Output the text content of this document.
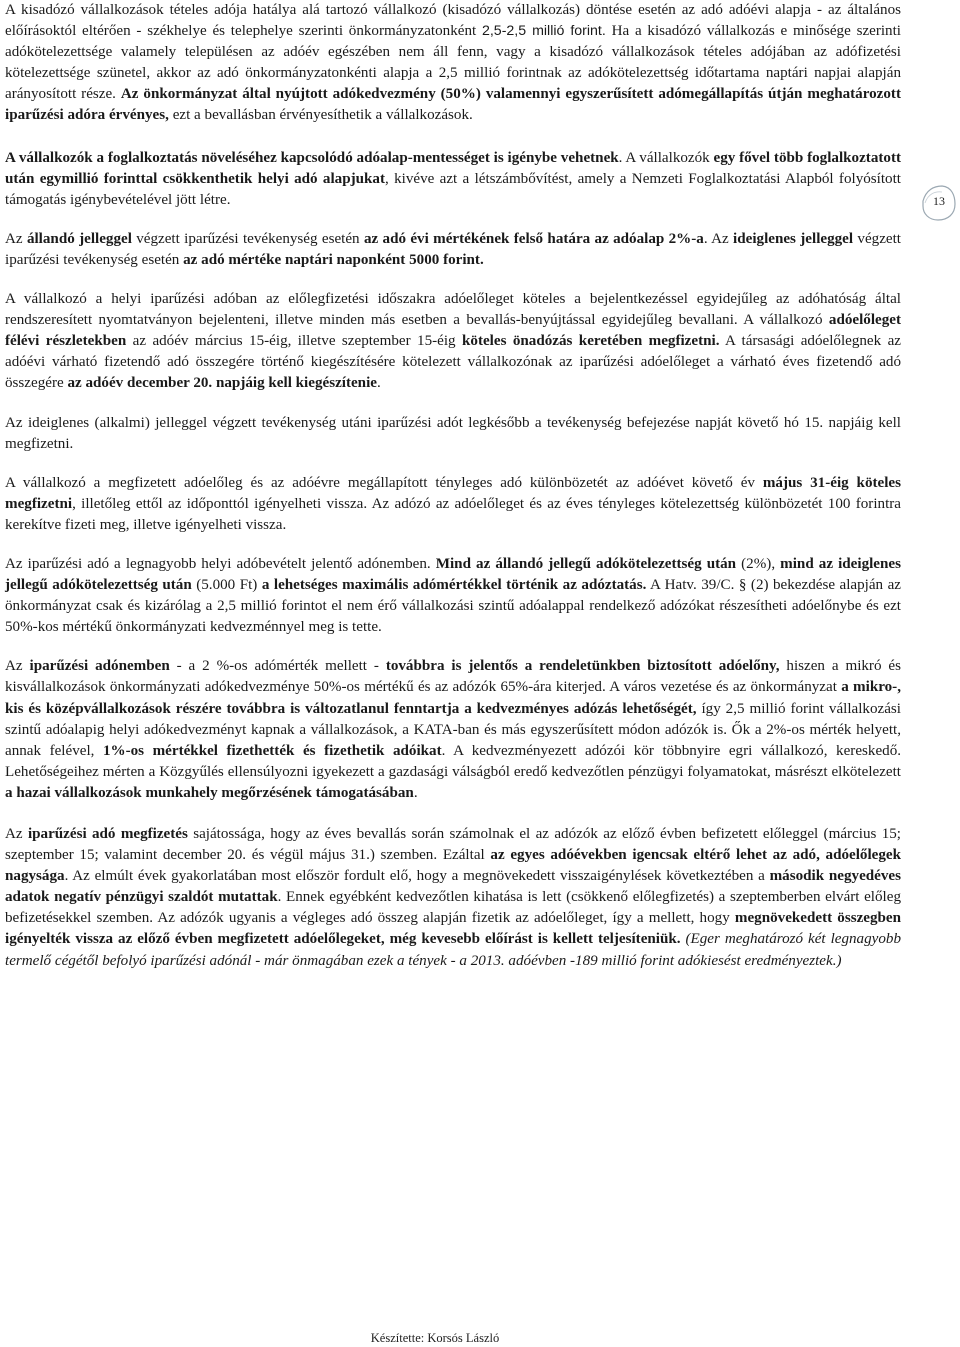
A kisadózó vállalkozások tételes adója hatálya alá tartozó vállalkozó (kisadózó vállalkozás) döntése esetén az adó adóévi alapja - az általános előírásoktól eltérően - székhelye és telephelye szerinti önkormányzatonként 2,5-2,5 millió forint. Ha a kisadózó vállalkozás e minősége szerinti adókötelezettsége valamely településen az adóév egészében nem áll fenn, vagy a kisadózó vállalkozások tételes adójában az adófizetési kötelezettsége szünetel, akkor az adó önkormányzatonkénti alapja a 2,5 millió forintnak az adókötelezettség időtartama naptári napjai alapján arányosított része. Az önkormányzat által nyújtott adókedvezmény (50%) valamennyi egyszerűsített adómegállapítás útján meghatározott iparűzési adóra érvényes, ezt a bevallásban érvényesíthetik a vállalkozások.

A vállalkozók a foglalkoztatás növeléséhez kapcsolódó adóalap-mentességet is igénybe vehetnek. A vállalkozók egy fővel több foglalkoztatott után egymillió forinttal csökkenthetik helyi adó alapjukat, kivéve azt a létszámbővítést, amely a Nemzeti Foglalkoztatási Alapból folyósított támogatás igénybevételével jött létre.

Az állandó jelleggel végzett iparűzési tevékenység esetén az adó évi mértékének felső határa az adóalap 2%-a. Az ideiglenes jelleggel végzett iparűzési tevékenység esetén az adó mértéke naptári naponként 5000 forint.

A vállalkozó a helyi iparűzési adóban az előlegfizetési időszakra adóelőleget köteles a bejelentkezéssel egyidejűleg az adóhatóság által rendszeresített nyomtatványon bejelenteni, illetve minden más esetben a bevallás-benyújtással egyidejűleg bevallani. A vállalkozó adóelőleget félévi részletekben az adóév március 15-éig, illetve szeptember 15-éig köteles önadózás keretében megfizetni. A társasági adóelőlegnek az adóévi várható fizetendő adó összegére történő kiegészítésére kötelezett vállalkozónak az iparűzési adóelőleget a várható éves fizetendő adó összegére az adóév december 20. napjáig kell kiegészítenie.

Az ideiglenes (alkalmi) jelleggel végzett tevékenység utáni iparűzési adót legkésőbb a tevékenység befejezése napját követő hó 15. napjáig kell megfizetni.

A vállalkozó a megfizetett adóelőleg és az adóévre megállapított tényleges adó különbözetét az adóévet követő év május 31-éig köteles megfizetni, illetőleg ettől az időponttól igényelheti vissza. Az adózó az adóelőleget és az éves tényleges kötelezettség különbözetét 100 forintra kerekítve fizeti meg, illetve igényelheti vissza.

Az iparűzési adó a legnagyobb helyi adóbevételt jelentő adónemben. Mind az állandó jellegű adókötelezettség után (2%), mind az ideiglenes jellegű adókötelezettség után (5.000 Ft) a lehetséges maximális adómértékkel történik az adóztatás. A Hatv. 39/C. § (2) bekezdése alapján az önkormányzat csak és kizárólag a 2,5 millió forintot el nem érő vállalkozási szintű adóalappal rendelkező adózókat részesítheti adóelőnybe és ezt 50%-kos mértékű önkormányzati kedvezménnyel meg is tette.

Az iparűzési adónemben - a 2 %-os adómérték mellett - továbbra is jelentős a rendeletünkben biztosított adóelőny, hiszen a mikró és kisvállalkozások önkormányzati adókedvezménye 50%-os mértékű és az adózók 65%-ára kiterjed. A város vezetése és az önkormányzat a mikro-, kis és középvállalkozások részére továbbra is változatlanul fenntartja a kedvezményes adózás lehetőségét, így 2,5 millió forint vállalkozási szintű adóalapig helyi adókedvezményt kapnak a vállalkozások, a KATA-ban és más egyszerűsített módon adózók is. Ők a 2%-os mérték helyett, annak felével, 1%-os mértékkel fizethették és fizethetik adóikat. A kedvezményezett adózói kör többnyire egri vállalkozó, kereskedő. Lehetőségeihez mérten a Közgyűlés ellensúlyozni igyekezett a gazdasági válságból eredő kedvezőtlen pénzügyi folyamatokat, másrészt elkötelezett a hazai vállalkozások munkahely megőrzésének támogatásában.

Az iparűzési adó megfizetés sajátossága, hogy az éves bevallás során számolnak el az adózók az előző évben befizetett előleggel (március 15; szeptember 15; valamint december 20. és végül május 31.) szemben. Ezáltal az egyes adóévekben igencsak eltérő lehet az adó, adóelőlegek nagysága. Az elmúlt évek gyakorlatában most először fordult elő, hogy a megnövekedett visszaigénylések következtében a második negyedéves adatok negatív pénzügyi szaldót mutattak. Ennek egyébként kedvezőtlen kihatása is lett (csökkenő előlegfizetés) a szeptemberben elvárt előleg befizetésekkel szemben. Az adózók ugyanis a végleges adó összeg alapján fizetik az adóelőleget, így a mellett, hogy megnövekedett összegben igényelték vissza az előző évben megfizetett adóelőlegeket, még kevesebb előírást is kellett teljesíteniük. (Eger meghatározó két legnagyobb termelő cégétől befolyó iparűzési adónál - már önmagában ezek a tények - a 2013. adóévben -189 millió forint adókiesést eredményeztek.)

13
Készítette: Korsós László
